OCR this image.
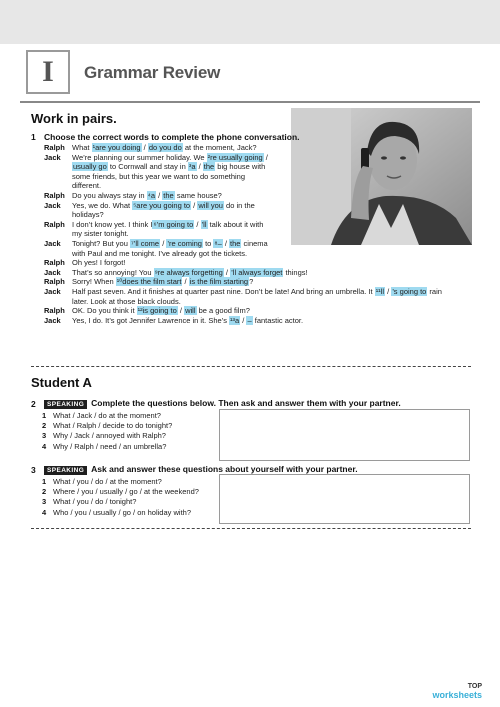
I	Grammar Review
Work in pairs.
1 Choose the correct words to complete the phone conversation.
Ralph What ¹are you doing / do you do at the moment, Jack?
Jack	We’re planning our summer holiday. We ²re usually going /
usually go to Cornwall and stay in ³a / the big house with
some friends, but this year we want to do something
different.
Ralph Do you always stay in ⁴a / the same house?
Jack	Yes, we do. What ⁵are you going to / will you do in the
holidays?
Ralph I don’t know yet. I think I⁶’m going to / ’ll talk about it with
my sister tonight.
Jack	Tonight? But you ⁷’ll come / ’re coming to ⁸– / the cinema
with Paul and me tonight. I’ve already got the tickets.
Ralph Oh yes! I forgot!
Jack	That’s so annoying! You ⁹re always forgetting / ’ll always forget things!
Ralph Sorry! When ¹⁰does the film start / is the film starting?
Jack	Half past seven. And it finishes at quarter past nine. Don’t be late! And bring an umbrella. It ¹¹ll / ’s going to rain
later. Look at those black clouds.
Ralph OK. Do you think it ¹²is going to / will be a good film?
Jack	Yes, I do. It’s got Jennifer Lawrence in it. She’s ¹³a / – fantastic actor.
Student A
2	SPEAKING Complete the questions below. Then ask and answer them with your partner.
1 What / Jack / do at the moment?
2 What / Ralph / decide to do tonight?
3 Why / Jack / annoyed with Ralph?
4 Why / Ralph / need / an umbrella?
3	SPEAKING Ask and answer these questions about yourself with your partner.
1 What / you / do / at the moment?
2 Where / you / usually / go / at the weekend?
3 What / you / do / tonight?
4 Who / you / usually / go / on holiday with?
TOP
worksheets
